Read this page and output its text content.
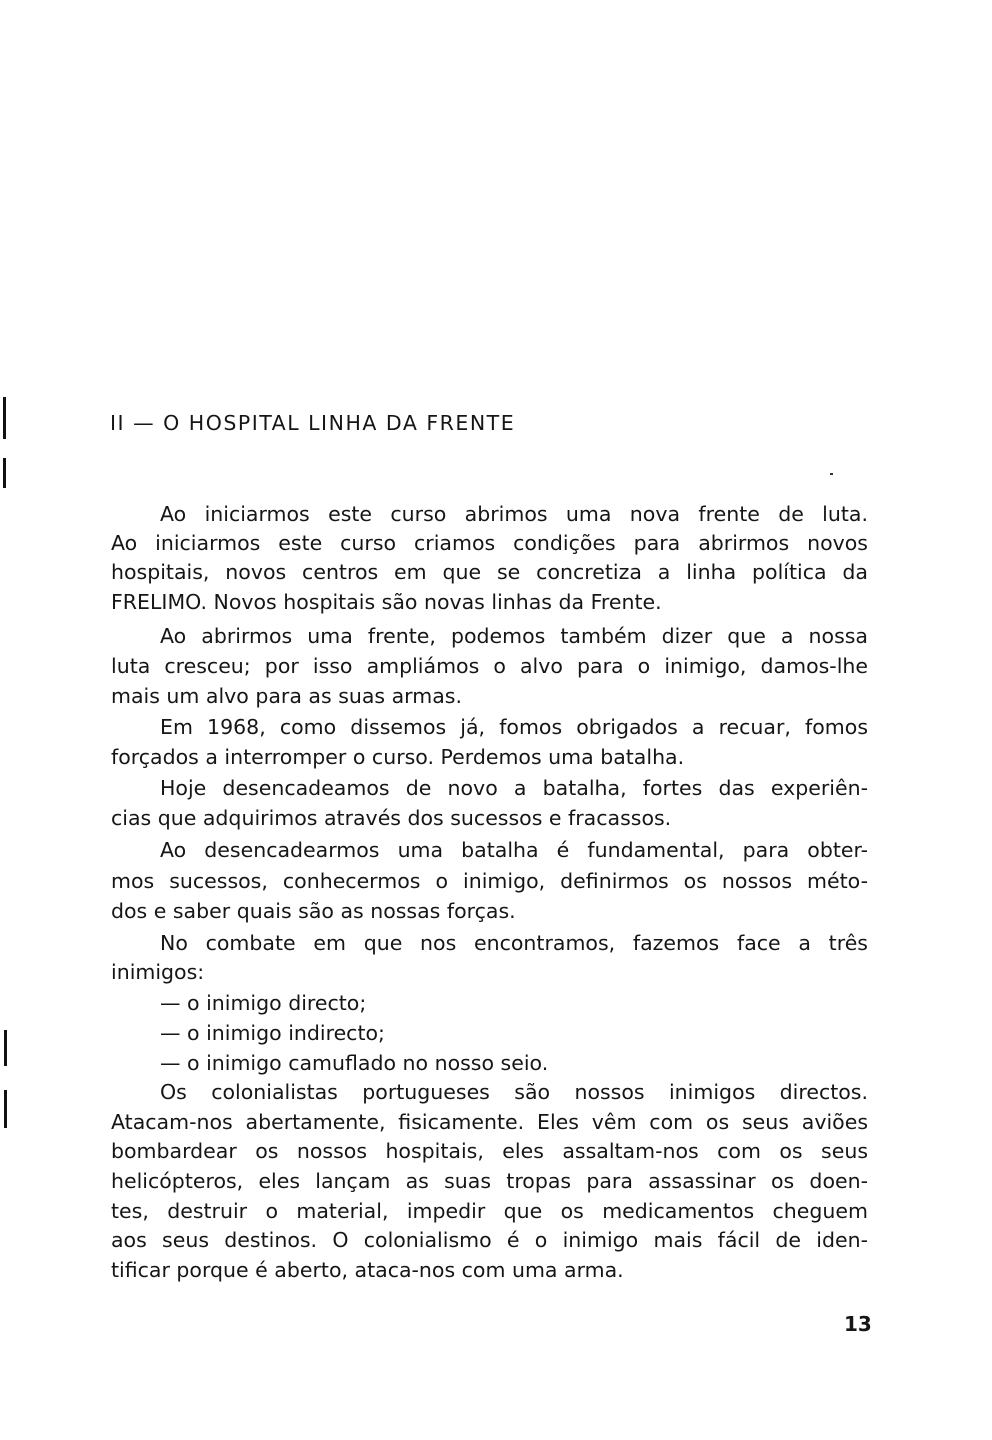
II — O HOSPITAL LINHA DA FRENTE
Ao iniciarmos este curso abrimos uma nova frente de luta.
Ao iniciarmos este curso criamos condições para abrirmos novos
hospitais, novos centros em que se concretiza a linha política da
FRELIMO. Novos hospitais são novas linhas da Frente.
Ao abrirmos uma frente, podemos também dizer que a nossa
luta cresceu; por isso ampliámos o alvo para o inimigo, damos-lhe
mais um alvo para as suas armas.
Em 1968, como dissemos já, fomos obrigados a recuar, fomos
forçados a interromper o curso. Perdemos uma batalha.
Hoje desencadeamos de novo a batalha, fortes das experiên-
cias que adquirimos através dos sucessos e fracassos.
Ao desencadearmos uma batalha é fundamental, para obter-
mos sucessos, conhecermos o inimigo, definirmos os nossos méto-
dos e saber quais são as nossas forças.
No combate em que nos encontramos, fazemos face a três
inimigos:
— o inimigo directo;
— o inimigo indirecto;
— o inimigo camuflado no nosso seio.
Os colonialistas portugueses são nossos inimigos directos.
Atacam-nos abertamente, fisicamente. Eles vêm com os seus aviões
bombardear os nossos hospitais, eles assaltam-nos com os seus
helicópteros, eles lançam as suas tropas para assassinar os doen-
tes, destruir o material, impedir que os medicamentos cheguem
aos seus destinos. O colonialismo é o inimigo mais fácil de iden-
tificar porque é aberto, ataca-nos com uma arma.
13
